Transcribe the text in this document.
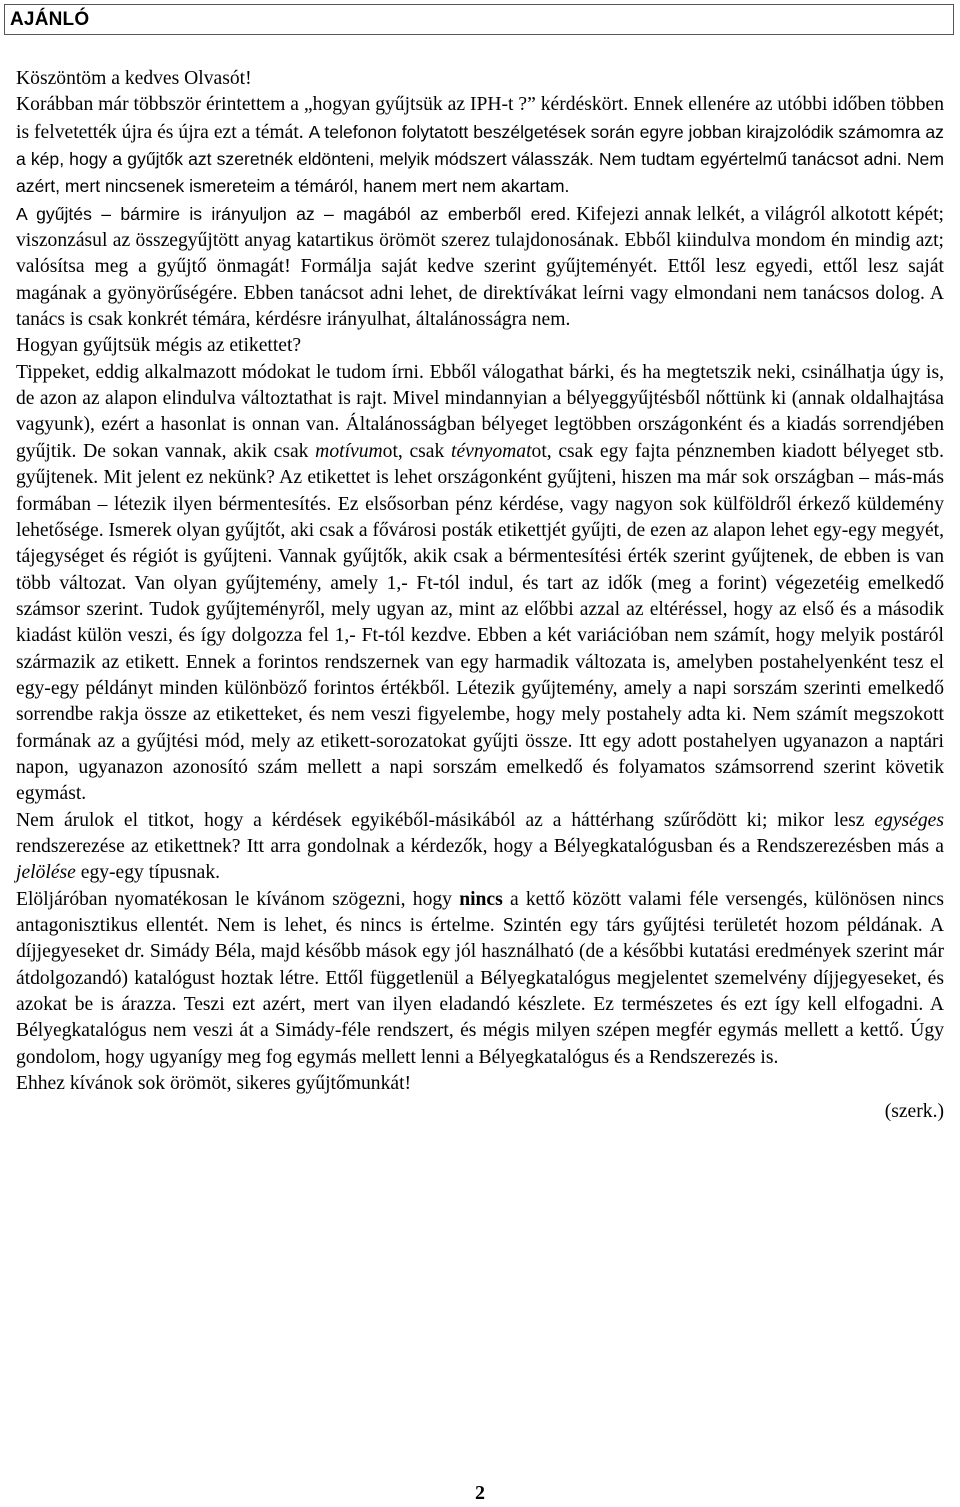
AJÁNLÓ

Köszöntöm a kedves Olvasót!

Korábban már többször érintettem a „hogyan gyűjtsük az IPH-t ?” kérdéskört. Ennek ellenére az utóbbi időben többen is felvetették újra és újra ezt a témát. A telefonon folytatott beszélgetések során egyre jobban kirajzolódik számomra az a kép, hogy a gyűjtők azt szeretnék eldönteni, melyik módszert válasszák. Nem tudtam egyértelmű tanácsot adni. Nem azért, mert nincsenek ismereteim a témáról, hanem mert nem akartam.

A gyűjtés – bármire is irányuljon az – magából az emberből ered. Kifejezi annak lelkét, a világról alkotott képét; viszonzásul az összegyűjtött anyag katartikus örömöt szerez tulajdonosának. Ebből kiindulva mondom én mindig azt; valósítsa meg a gyűjtő önmagát! Formálja saját kedve szerint gyűjteményét. Ettől lesz egyedi, ettől lesz saját magának a gyönyörűségére. Ebben tanácsot adni lehet, de direktívákat leírni vagy elmondani nem tanácsos dolog. A tanács is csak konkrét témára, kérdésre irányulhat, általánosságra nem.

Hogyan gyűjtsük mégis az etikettet?

Tippeket, eddig alkalmazott módokat le tudom írni. Ebből válogathat bárki, és ha megtetszik neki, csinálhatja úgy is, de azon az alapon elindulva változtathat is rajt. Mivel mindannyian a bélyeggyűjtésből nőttünk ki (annak oldalhajtása vagyunk), ezért a hasonlat is onnan van. Általánosságban bélyeget legtöbben országonként és a kiadás sorrendjében gyűjtik. De sokan vannak, akik csak motívumot, csak tévnyomatot, csak egy fajta pénznemben kiadott bélyeget stb. gyűjtenek. Mit jelent ez nekünk? Az etikettet is lehet országonként gyűjteni, hiszen ma már sok országban – más-más formában – létezik ilyen bérmentesítés. Ez elsősorban pénz kérdése, vagy nagyon sok külföldről érkező küldemény lehetősége. Ismerek olyan gyűjtőt, aki csak a fővárosi posták etikettjét gyűjti, de ezen az alapon lehet egy-egy megyét, tájegységet és régiót is gyűjteni. Vannak gyűjtők, akik csak a bérmentesítési érték szerint gyűjtenek, de ebben is van több változat. Van olyan gyűjtemény, amely 1,- Ft-tól indul, és tart az idők (meg a forint) végezetéig emelkedő számsor szerint. Tudok gyűjteményről, mely ugyan az, mint az előbbi azzal az eltéréssel, hogy az első és a második kiadást külön veszi, és így dolgozza fel 1,- Ft-tól kezdve. Ebben a két variációban nem számít, hogy melyik postáról származik az etikett. Ennek a forintos rendszernek van egy harmadik változata is, amelyben postahelyenként tesz el egy-egy példányt minden különböző forintos értékből. Létezik gyűjtemény, amely a napi sorszám szerinti emelkedő sorrendbe rakja össze az etiketteket, és nem veszi figyelembe, hogy mely postahely adta ki. Nem számít megszokott formának az a gyűjtési mód, mely az etikett-sorozatokat gyűjti össze. Itt egy adott postahelyen ugyanazon a naptári napon, ugyanazon azonosító szám mellett a napi sorszám emelkedő és folyamatos számsorrend szerint követik egymást.

Nem árulok el titkot, hogy a kérdések egyikéből-másikából az a háttérhang szűrődött ki; mikor lesz egységes rendszerezése az etikettnek? Itt arra gondolnak a kérdezők, hogy a Bélyegkatalógusban és a Rendszerezésben más a jelölése egy-egy típusnak.

Elöljáróban nyomatékosan le kívánom szögezni, hogy nincs a kettő között valami féle versengés, különösen nincs antagonisztikus ellentét. Nem is lehet, és nincs is értelme. Szintén egy társ gyűjtési területét hozom példának. A díjjegyeseket dr. Simády Béla, majd később mások egy jól használható (de a későbbi kutatási eredmények szerint már átdolgozandó) katalógust hoztak létre. Ettől függetlenül a Bélyegkatalógus megjelentet szemelvény díjjegyeseket, és azokat be is árazza. Teszi ezt azért, mert van ilyen eladandó készlete. Ez természetes és ezt így kell elfogadni. A Bélyegkatalógus nem veszi át a Simády-féle rendszert, és mégis milyen szépen megfér egymás mellett a kettő. Úgy gondolom, hogy ugyanígy meg fog egymás mellett lenni a Bélyegkatalógus és a Rendszerezés is.

Ehhez kívánok sok örömöt, sikeres gyűjtőmunkát!

(szerk.)

2
